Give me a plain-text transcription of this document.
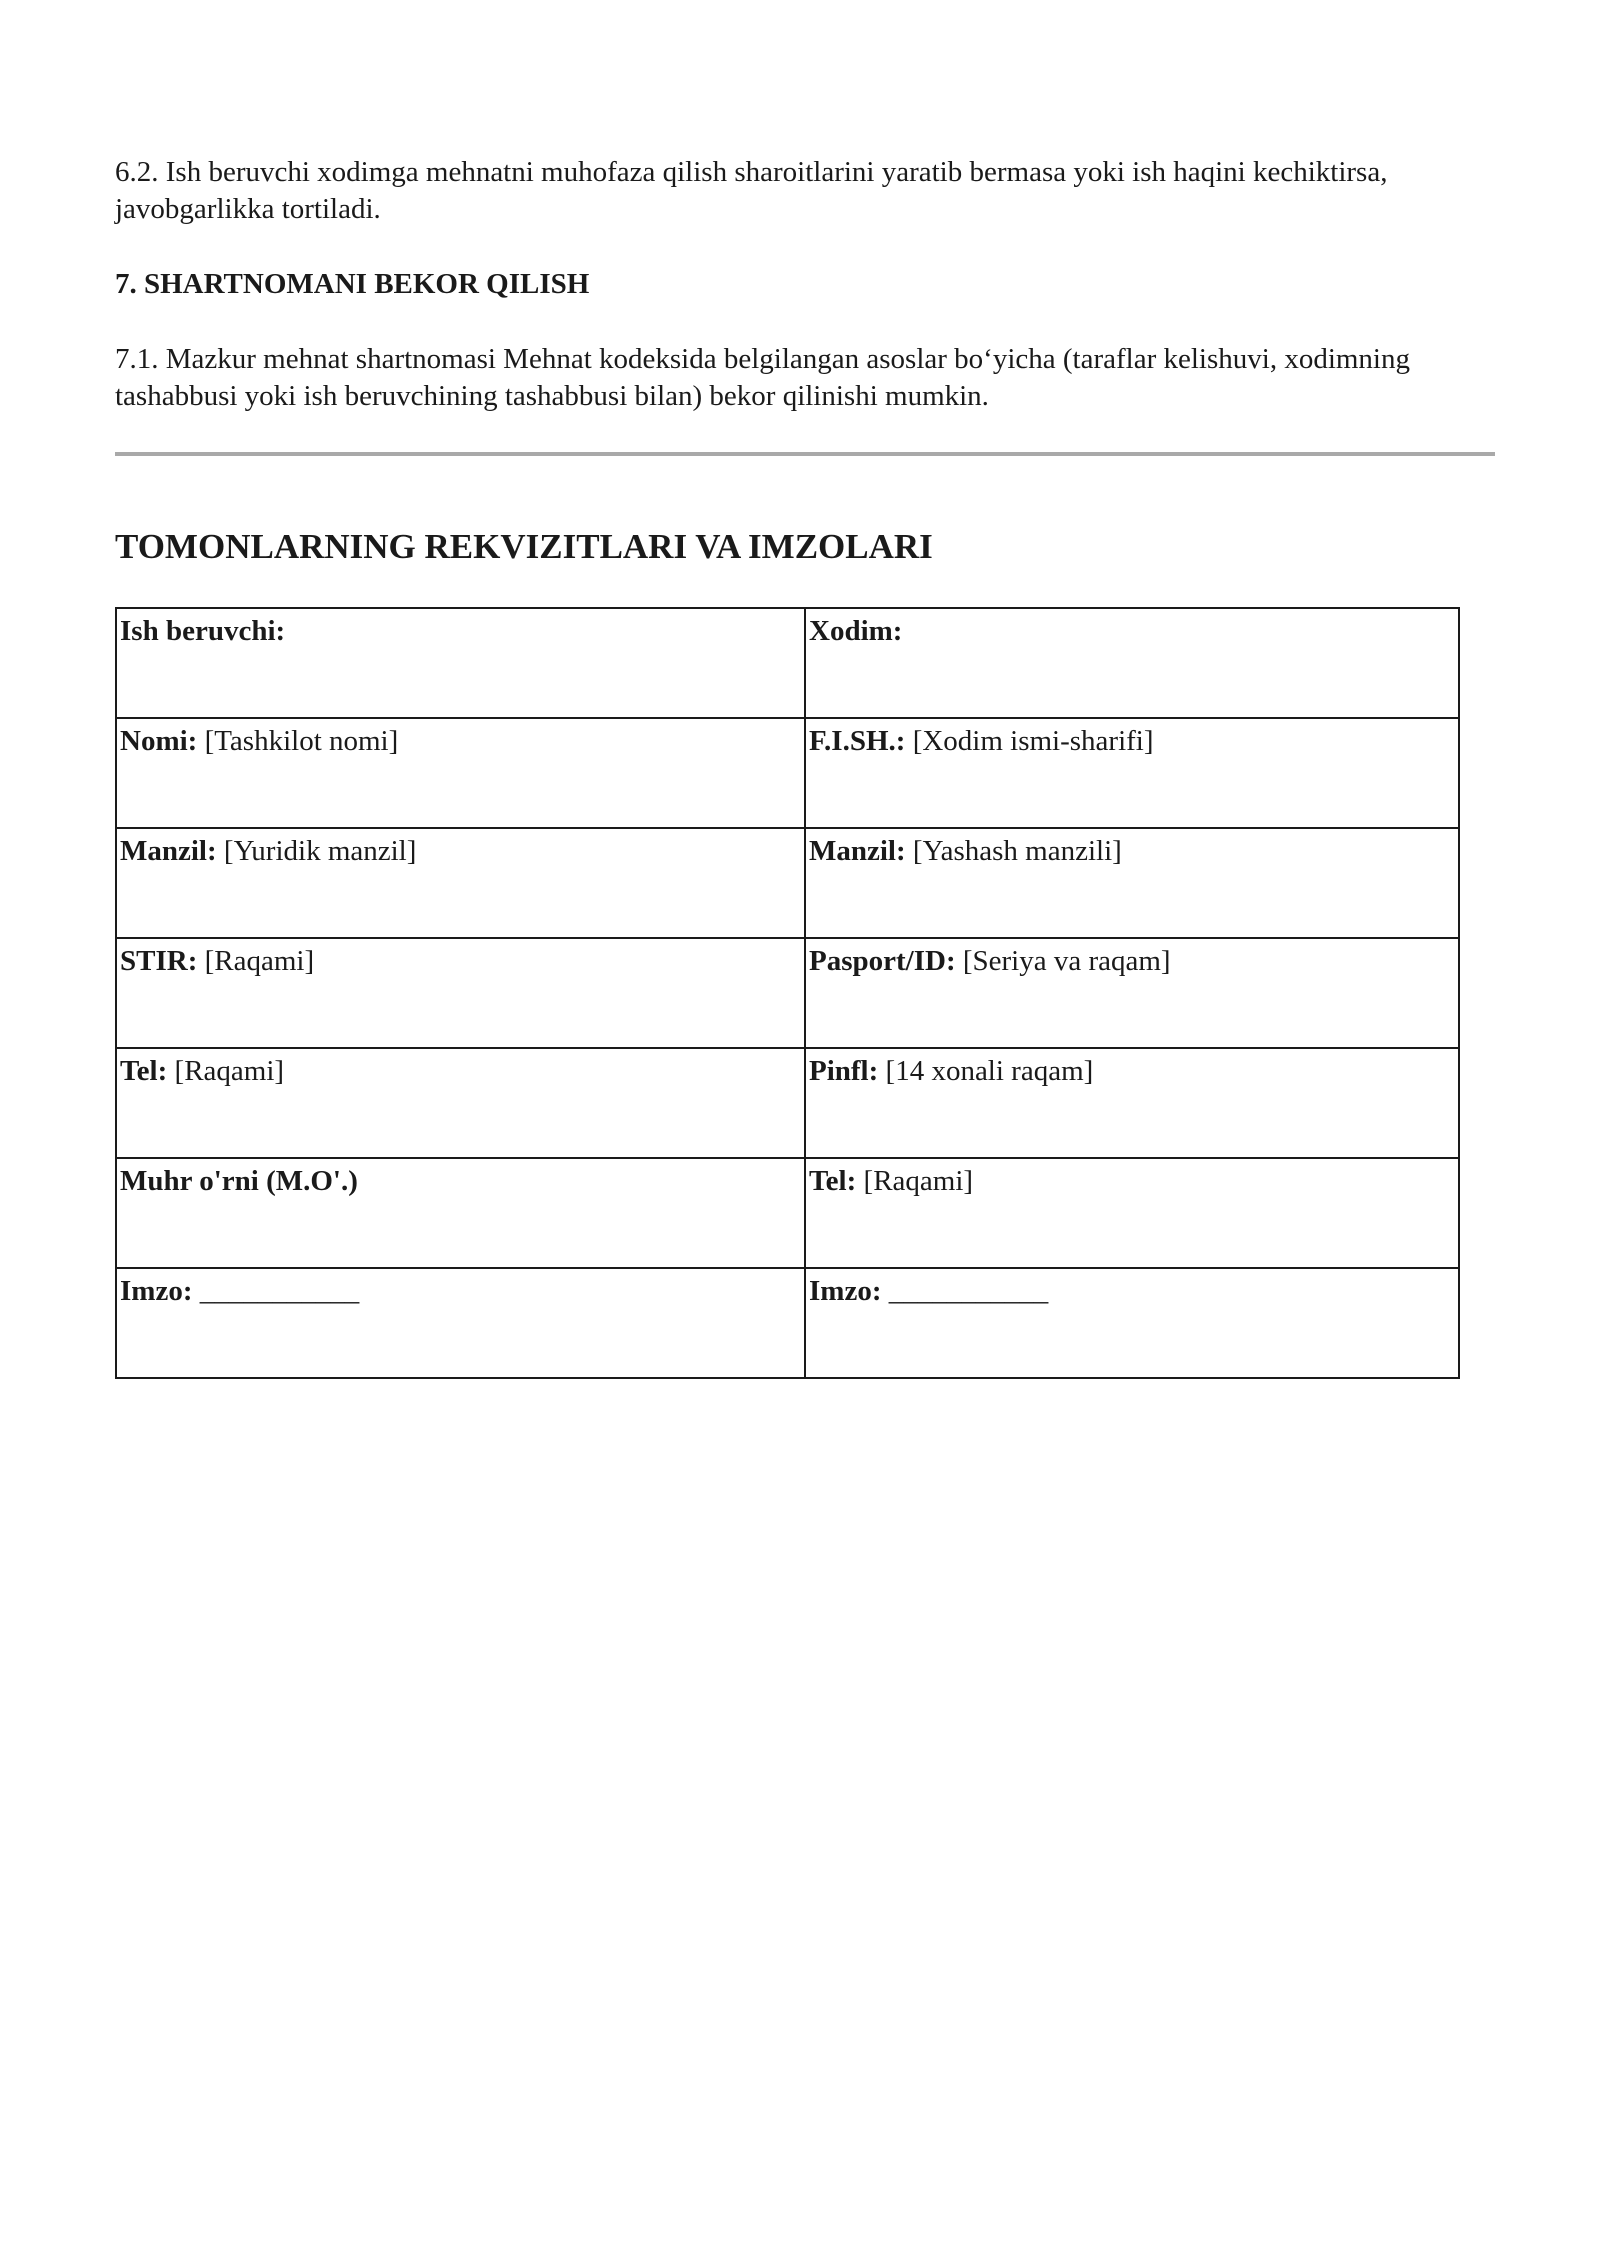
6.2. Ish beruvchi xodimga mehnatni muhofaza qilish sharoitlarini yaratib bermasa yoki ish haqini kechiktirsa, javobgarlikka tortiladi.

7. SHARTNOMANI BEKOR QILISH

7.1. Mazkur mehnat shartnomasi Mehnat kodeksida belgilangan asoslar bo‘yicha (taraflar kelishuvi, xodimning tashabbusi yoki ish beruvchining tashabbusi bilan) bekor qilinishi mumkin.

TOMONLARNING REKVIZITLARI VA IMZOLARI
Ish beruvchi:	Xodim:
Nomi: [Tashkilot nomi]	F.I.SH.: [Xodim ismi-sharifi]
Manzil: [Yuridik manzil]	Manzil: [Yashash manzili]
STIR: [Raqami]	Pasport/ID: [Seriya va raqam]
Tel: [Raqami]	Pinfl: [14 xonali raqam]
Muhr o'rni (M.O'.)	Tel: [Raqami]
Imzo: ___________	Imzo: ___________
